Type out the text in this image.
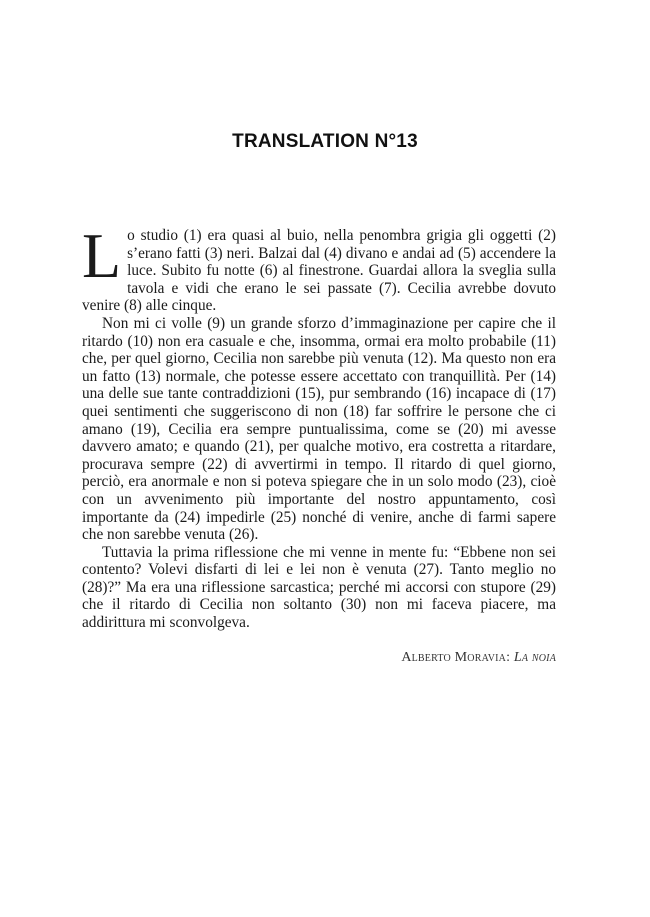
TRANSLATION N°13

Lo studio (1) era quasi al buio, nella penombra grigia gli oggetti (2) s’erano fatti (3) neri. Balzai dal (4) divano e andai ad (5) accendere la luce. Subito fu notte (6) al finestrone. Guardai allora la sveglia sulla tavola e vidi che erano le sei passate (7). Cecilia avrebbe dovuto venire (8) alle cinque.

Non mi ci volle (9) un grande sforzo d’immaginazione per capire che il ritardo (10) non era casuale e che, insomma, ormai era molto probabile (11) che, per quel giorno, Cecilia non sarebbe più venuta (12). Ma questo non era un fatto (13) normale, che potesse essere accettato con tranquillità. Per (14) una delle sue tante contraddizioni (15), pur sembrando (16) incapace di (17) quei sentimenti che suggeriscono di non (18) far soffrire le persone che ci amano (19), Cecilia era sempre puntualissima, come se (20) mi avesse davvero amato; e quando (21), per qualche motivo, era costretta a ritardare, procurava sempre (22) di avvertirmi in tempo. Il ritardo di quel giorno, perciò, era anormale e non si poteva spiegare che in un solo modo (23), cioè con un avvenimento più importante del nostro appuntamento, così importante da (24) impedirle (25) nonché di venire, anche di farmi sapere che non sarebbe venuta (26).

Tuttavia la prima riflessione che mi venne in mente fu: “Ebbene non sei contento? Volevi disfarti di lei e lei non è venuta (27). Tanto meglio no (28)?” Ma era una riflessione sarcastica; perché mi accorsi con stupore (29) che il ritardo di Cecilia non soltanto (30) non mi faceva piacere, ma addirittura mi sconvolgeva.

Alberto Moravia: La noia
